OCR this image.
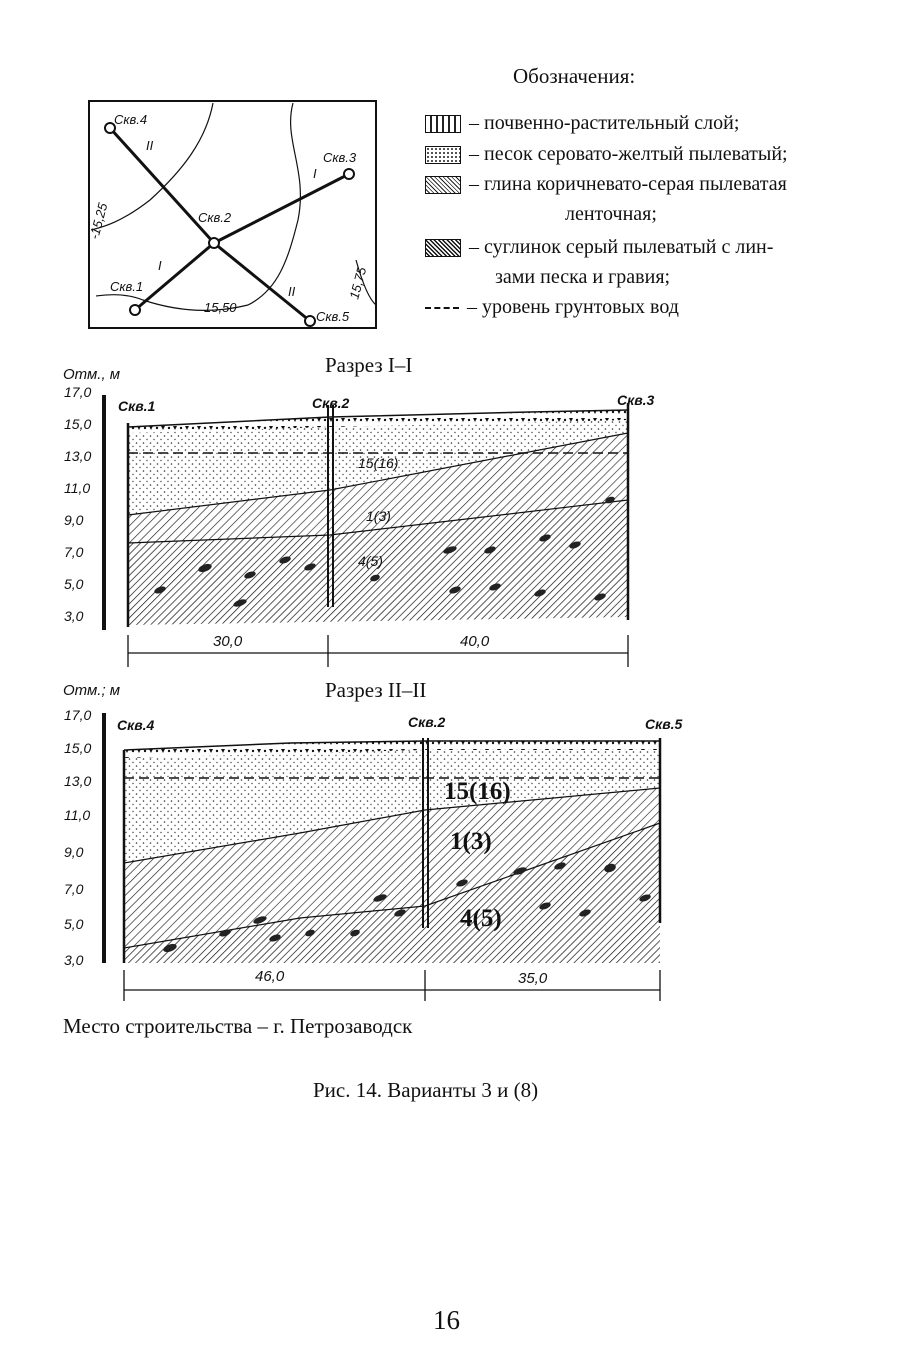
Скв.4
Скв.2
Скв.3
Скв.1
Скв.5
II
II
I
I
-15,25
15,50
15,75
Обозначения:
– почвенно-растительный слой;
– песок серовато-желтый пылеватый;
– глина коричневато-серая пылеватая
ленточная;
– суглинок серый пылеватый с лин-
зами песка и гравия;
– уровень грунтовых вод
Разрез I–I
Отм., м
17,0
15,0
13,0
11,0
9,0
7,0
5,0
3,0
Скв.1	Скв.2	Скв.3
15(16)
1(3)
4(5)
30,0	40,0
Разрез II–II
Отм.; м
17,0
15,0
13,0
11,0
9,0
7,0
5,0
3,0
Скв.4	Скв.2	Скв.5
15(16)
1(3)
4(5)
46,0	35,0
Место строительства – г. Петрозаводск
Рис. 14. Варианты 3 и (8)
16
